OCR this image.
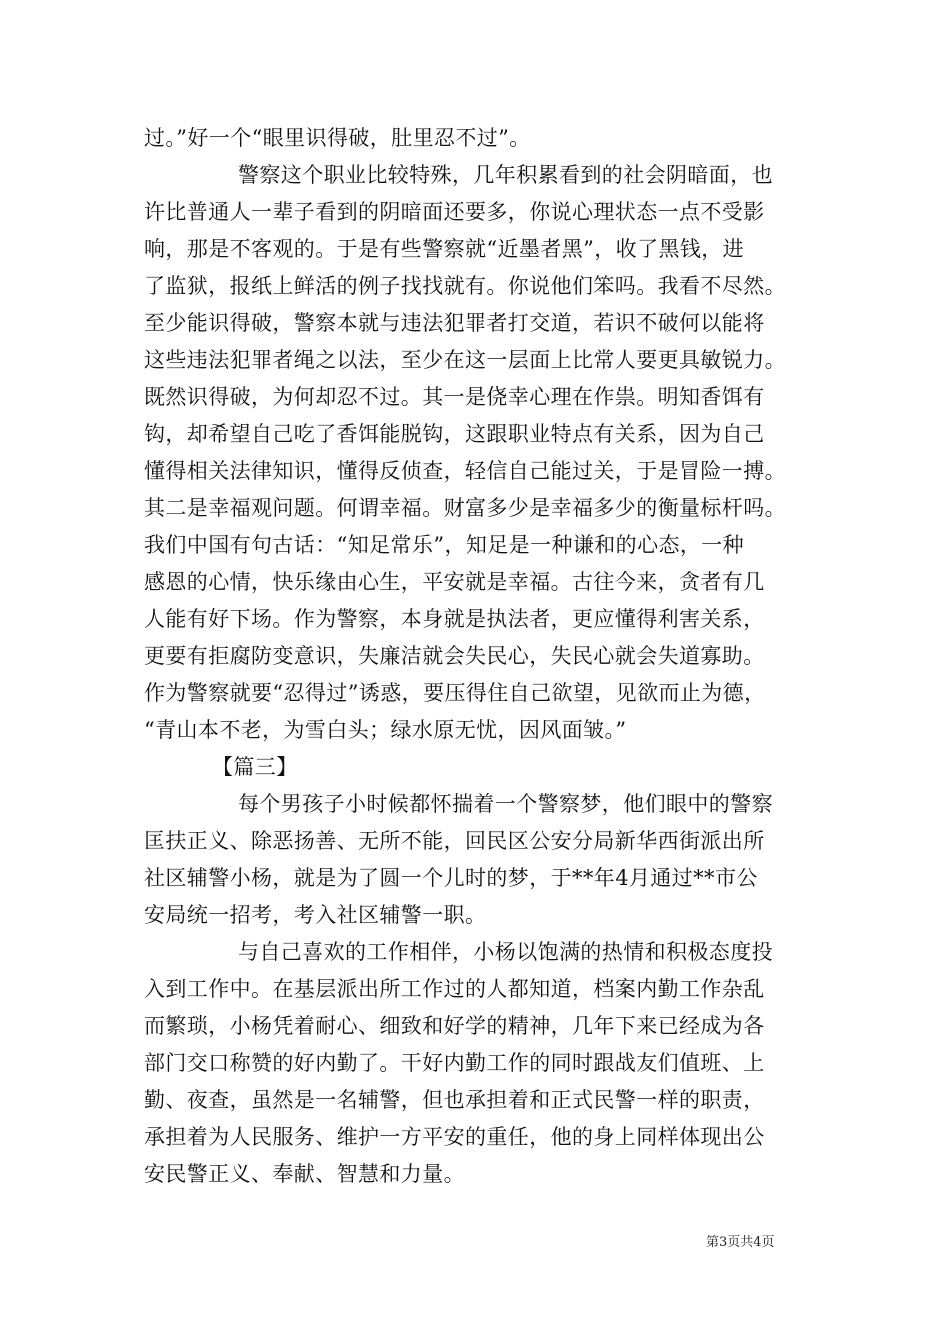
过。”好一个“眼里识得破，肚里忍不过”。
警察这个职业比较特殊，几年积累看到的社会阴暗面，也
许比普通人一辈子看到的阴暗面还要多，你说心理状态一点不受影
响，那是不客观的。于是有些警察就“近墨者黑”，收了黑钱，进
了监狱，报纸上鲜活的例子找找就有。你说他们笨吗。我看不尽然。
至少能识得破，警察本就与违法犯罪者打交道，若识不破何以能将
这些违法犯罪者绳之以法，至少在这一层面上比常人要更具敏锐力。
既然识得破，为何却忍不过。其一是侥幸心理在作祟。明知香饵有
钩，却希望自己吃了香饵能脱钩，这跟职业特点有关系，因为自己
懂得相关法律知识，懂得反侦查，轻信自己能过关，于是冒险一搏。
其二是幸福观问题。何谓幸福。财富多少是幸福多少的衡量标杆吗。
我们中国有句古话：“知足常乐”，知足是一种谦和的心态，一种
感恩的心情，快乐缘由心生，平安就是幸福。古往今来，贪者有几
人能有好下场。作为警察，本身就是执法者，更应懂得利害关系，
更要有拒腐防变意识，失廉洁就会失民心，失民心就会失道寡助。
作为警察就要“忍得过”诱惑，要压得住自己欲望，见欲而止为德，
“青山本不老，为雪白头；绿水原无忧，因风面皱。”
【篇三】
每个男孩子小时候都怀揣着一个警察梦，他们眼中的警察
匡扶正义、除恶扬善、无所不能，回民区公安分局新华西街派出所
社区辅警小杨，就是为了圆一个儿时的梦，于**年4月通过**市公
安局统一招考，考入社区辅警一职。
与自己喜欢的工作相伴，小杨以饱满的热情和积极态度投
入到工作中。在基层派出所工作过的人都知道，档案内勤工作杂乱
而繁琐，小杨凭着耐心、细致和好学的精神，几年下来已经成为各
部门交口称赞的好内勤了。干好内勤工作的同时跟战友们值班、上
勤、夜查，虽然是一名辅警，但也承担着和正式民警一样的职责，
承担着为人民服务、维护一方平安的重任，他的身上同样体现出公
安民警正义、奉献、智慧和力量。
第3页共4页
